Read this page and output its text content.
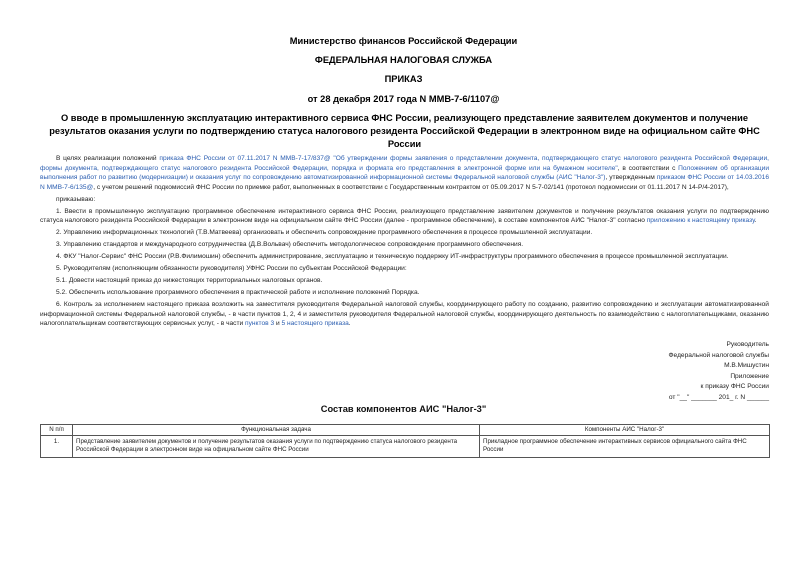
Министерство финансов Российской Федерации
ФЕДЕРАЛЬНАЯ НАЛОГОВАЯ СЛУЖБА
ПРИКАЗ
от 28 декабря 2017 года N ММВ-7-6/1107@
О вводе в промышленную эксплуатацию интерактивного сервиса ФНС России, реализующего представление заявителем документов и получение результатов оказания услуги по подтверждению статуса налогового резидента Российской Федерации в электронном виде на официальном сайте ФНС России

В целях реализации положений приказа ФНС России от 07.11.2017 N ММВ-7-17/837@ "Об утверждении формы заявления о представлении документа, подтверждающего статус налогового резидента Российской Федерации, формы документа, подтверждающего статус налогового резидента Российской Федерации, порядка и формата его представления в электронной форме или на бумажном носителе", в соответствии с Положением об организации выполнения работ по развитию (модернизации) и оказания услуг по сопровождению автоматизированной информационной системы Федеральной налоговой службы (АИС "Налог-3"), утвержденным приказом ФНС России от 14.03.2016 N ММВ-7-6/135@, с учетом решений подкомиссий ФНС России по приемке работ, выполненных в соответствии с Государственным контрактом от 05.09.2017 N 5-7-02/141 (протокол подкомиссии от 01.11.2017 N 14-Р/4-2017),

приказываю:

1. Ввести в промышленную эксплуатацию программное обеспечение интерактивного сервиса ФНС России, реализующего представление заявителем документов и получение результатов оказания услуги по подтверждению статуса налогового резидента Российской Федерации в электронном виде на официальном сайте ФНС России (далее - программное обеспечение), в составе компонентов АИС "Налог-3" согласно приложению к настоящему приказу.

2. Управлению информационных технологий (Т.В.Матвеева) организовать и обеспечить сопровождение программного обеспечения в процессе промышленной эксплуатации.

3. Управлению стандартов и международного сотрудничества (Д.В.Вольвач) обеспечить методологическое сопровождение программного обеспечения.

4. ФКУ "Налог-Сервис" ФНС России (Р.В.Филимошин) обеспечить администрирование, эксплуатацию и техническую поддержку ИТ-инфраструктуры программного обеспечения в процессе промышленной эксплуатации.

5. Руководителям (исполняющим обязанности руководителя) УФНС России по субъектам Российской Федерации:

5.1. Довести настоящий приказ до нижестоящих территориальных налоговых органов.

5.2. Обеспечить использование программного обеспечения в практической работе и исполнение положений Порядка.

6. Контроль за исполнением настоящего приказа возложить на заместителя руководителя Федеральной налоговой службы, координирующего работу по созданию, развитию сопровождению и эксплуатации автоматизированной информационной системы Федеральной налоговой службы, - в части пунктов 1, 2, 4 и заместителя руководителя Федеральной налоговой службы, координирующего деятельность по взаимодействию с налогоплательщиками, оказанию налогоплательщикам соответствующих сервисных услуг, - в части пунктов 3 и 5 настоящего приказа.

Руководитель
Федеральной налоговой службы
М.В.Мишустин
Приложение
к приказу ФНС России
от "__" _______ 201_ г. N ______
Состав компонентов АИС "Налог-3"
N п/п	Функциональная задача	Компоненты АИС "Налог-3"
1.	Представление заявителем документов и получение результатов оказания услуги по подтверждению статуса налогового резидента Российской Федерации в электронном виде на официальном сайте ФНС России	Прикладное программное обеспечение интерактивных сервисов официального сайта ФНС России
